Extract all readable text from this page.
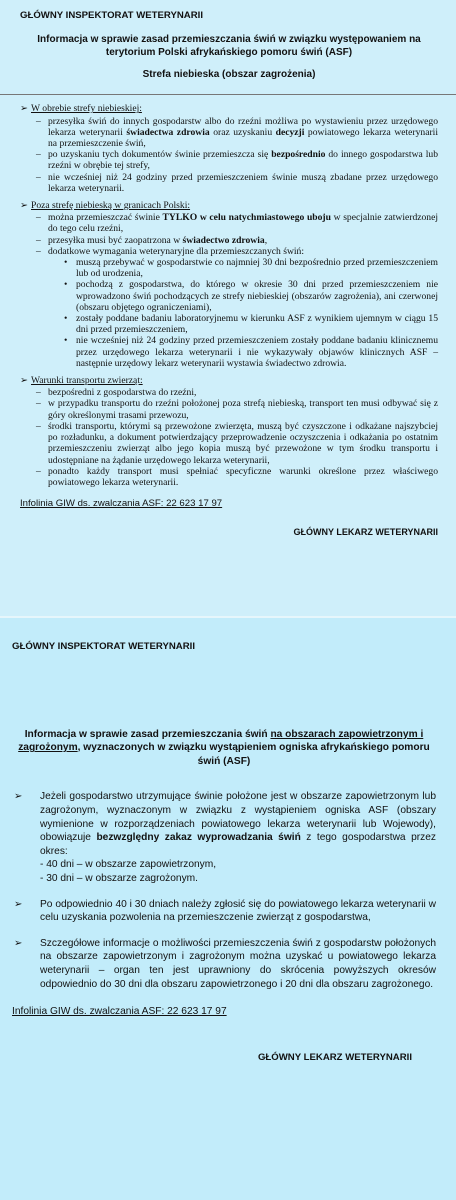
GŁÓWNY INSPEKTORAT WETERYNARII

Informacja w sprawie zasad przemieszczania świń w związku występowaniem na terytorium Polski afrykańskiego pomoru świń (ASF)
Strefa niebieska (obszar zagrożenia)
➢ W obrebie strefy niebieskiej:
– przesyłka świń do innych gospodarstw albo do rzeźni możliwa po wystawieniu przez urzędowego lekarza weterynarii świadectwa zdrowia oraz uzyskaniu decyzji powiatowego lekarza weterynarii na przemieszczenie świń,
– po uzyskaniu tych dokumentów świnie przemieszcza się bezpośrednio do innego gospodarstwa lub rzeźni w obrębie tej strefy,
– nie wcześniej niż 24 godziny przed przemieszczeniem świnie muszą zbadane przez urzędowego lekarza weterynarii.
➢ Poza strefę niebieską w granicach Polski:
– można przemieszczać świnie TYLKO w celu natychmiastowego uboju w specjalnie zatwierdzonej do tego celu rzeźni,
– przesyłka musi być zaopatrzona w świadectwo zdrowia,
– dodatkowe wymagania weterynaryjne dla przemieszczanych świń:
• muszą przebywać w gospodarstwie co najmniej 30 dni bezpośrednio przed przemieszczeniem lub od urodzenia,
• pochodzą z gospodarstwa, do którego w okresie 30 dni przed przemieszczeniem nie wprowadzono świń pochodzących ze strefy niebieskiej (obszarów zagrożenia), ani czerwonej (obszaru objętego ograniczeniami),
• zostały poddane badaniu laboratoryjnemu w kierunku ASF z wynikiem ujemnym w ciągu 15 dni przed przemieszczeniem,
• nie wcześniej niż 24 godziny przed przemieszczeniem zostały poddane badaniu klinicznemu przez urzędowego lekarza weterynarii i nie wykazywały objawów klinicznych ASF – następnie urzędowy lekarz weterynarii wystawia świadectwo zdrowia.
➢ Warunki transportu zwierząt:
– bezpośredni z gospodarstwa do rzeźni,
– w przypadku transportu do rzeźni położonej poza strefą niebieską, transport ten musi odbywać się z góry określonymi trasami przewozu,
– środki transportu, którymi są przewożone zwierzęta, muszą być czyszczone i odkażane najszybciej po rozładunku, a dokument potwierdzający przeprowadzenie oczyszczenia i odkażania po ostatnim przemieszczeniu zwierząt albo jego kopia muszą być przewożone w tym środku transportu i udostępniane na żądanie urzędowego lekarza weterynarii,
– ponadto każdy transport musi spełniać specyficzne warunki określone przez właściwego powiatowego lekarza weterynarii.
Infolinia GIW ds. zwalczania ASF: 22 623 17 97
GŁÓWNY LEKARZ WETERYNARII

GŁÓWNY INSPEKTORAT WETERYNARII

Informacja w sprawie zasad przemieszczania świń na obszarach zapowietrzonym i zagrożonym, wyznaczonych w związku wystąpieniem ogniska afrykańskiego pomoru świń (ASF)
➢ Jeżeli gospodarstwo utrzymujące świnie położone jest w obszarze zapowietrzonym lub zagrożonym, wyznaczonym w związku z wystąpieniem ogniska ASF (obszary wymienione w rozporządzeniach powiatowego lekarza weterynarii lub Wojewody), obowiązuje bezwzględny zakaz wyprowadzania świń z tego gospodarstwa przez okres:
- 40 dni – w obszarze zapowietrzonym,
- 30 dni – w obszarze zagrożonym.
➢ Po odpowiednio 40 i 30 dniach należy zgłosić się do powiatowego lekarza weterynarii w celu uzyskania pozwolenia na przemieszczenie zwierząt z gospodarstwa,
➢ Szczegółowe informacje o możliwości przemieszczenia świń z gospodarstw położonych na obszarze zapowietrzonym i zagrożonym można uzyskać u powiatowego lekarza weterynarii – organ ten jest uprawniony do skrócenia powyższych okresów odpowiednio do 30 dni dla obszaru zapowietrzonego i 20 dni dla obszaru zagrożonego.
Infolinia GIW ds. zwalczania ASF: 22 623 17 97
GŁÓWNY LEKARZ WETERYNARII
